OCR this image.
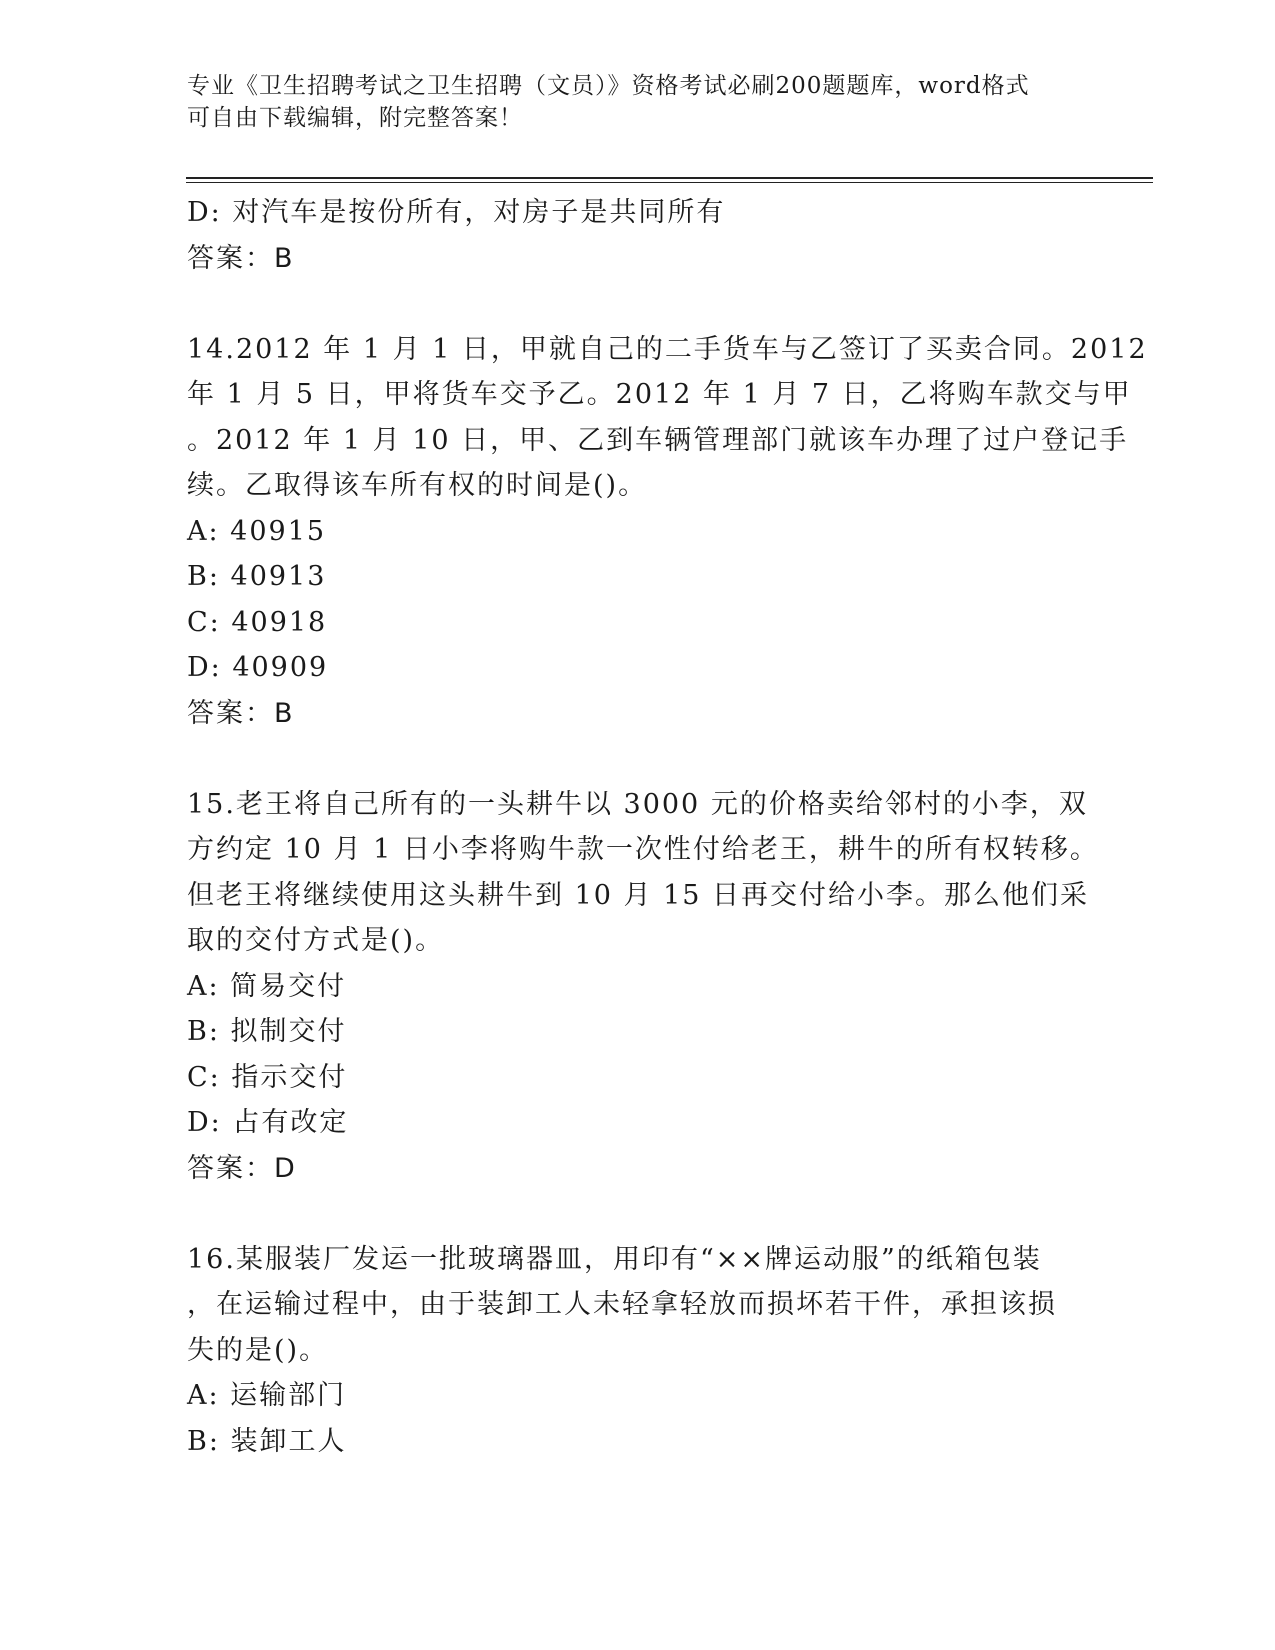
专业《卫生招聘考试之卫生招聘（文员）》资格考试必刷200题题库，word格式
可自由下载编辑，附完整答案！
D: 对汽车是按份所有，对房子是共同所有
答案：B
14.2012 年 1 月 1 日，甲就自己的二手货车与乙签订了买卖合同。2012
年 1 月 5 日，甲将货车交予乙。2012 年 1 月 7 日，乙将购车款交与甲
。2012 年 1 月 10 日，甲、乙到车辆管理部门就该车办理了过户登记手
续。乙取得该车所有权的时间是()。
A: 40915
B: 40913
C: 40918
D: 40909
答案：B
15.老王将自己所有的一头耕牛以 3000 元的价格卖给邻村的小李，双
方约定 10 月 1 日小李将购牛款一次性付给老王，耕牛的所有权转移。
但老王将继续使用这头耕牛到 10 月 15 日再交付给小李。那么他们采
取的交付方式是()。
A: 简易交付
B: 拟制交付
C: 指示交付
D: 占有改定
答案：D
16.某服装厂发运一批玻璃器皿，用印有“××牌运动服”的纸箱包装
，在运输过程中，由于装卸工人未轻拿轻放而损坏若干件，承担该损
失的是()。
A: 运输部门
B: 装卸工人
